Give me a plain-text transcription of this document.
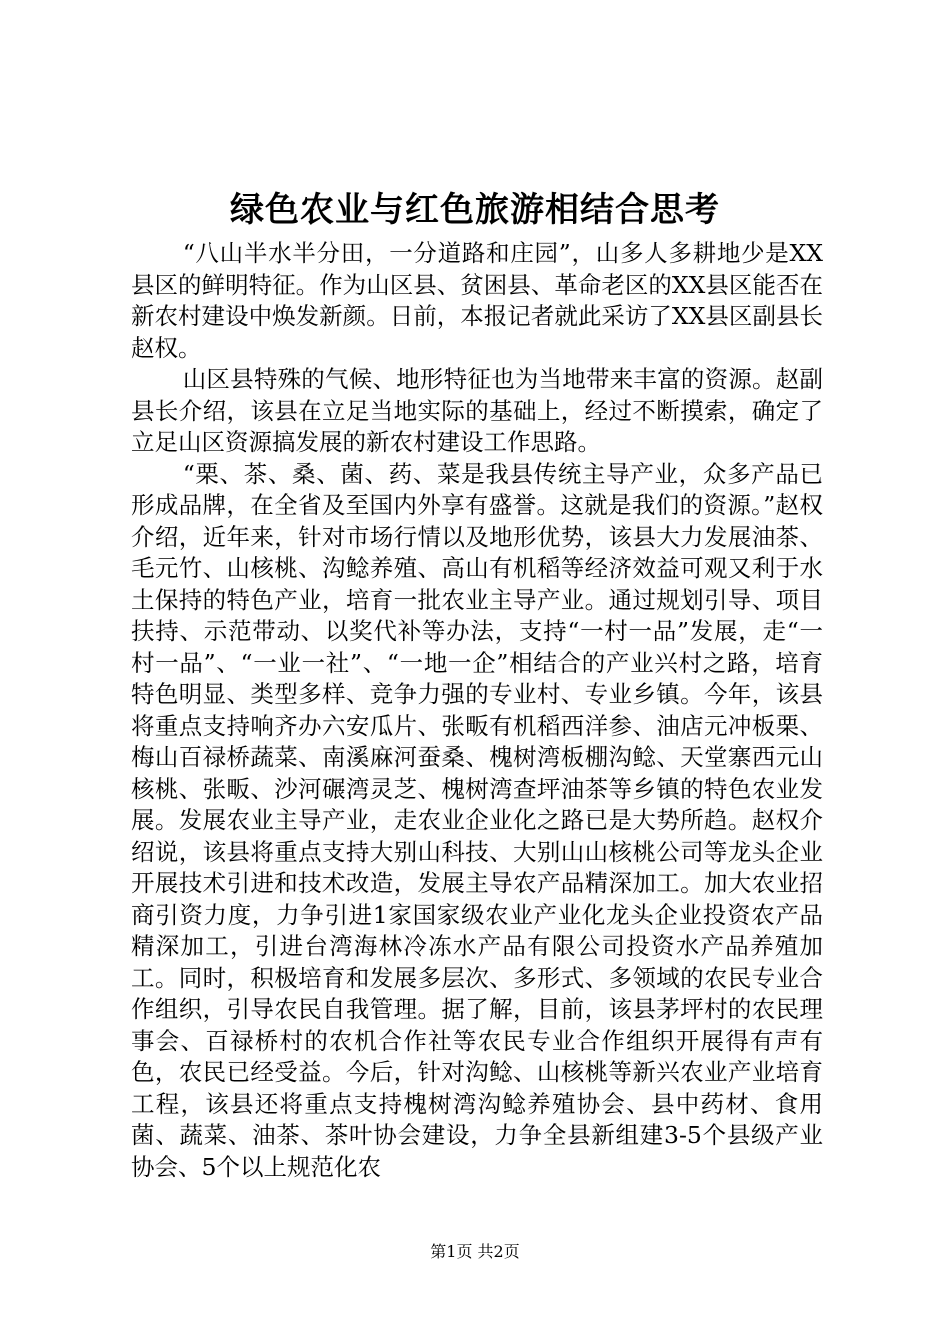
绿色农业与红色旅游相结合思考

“八山半水半分田，一分道路和庄园”，山多人多耕地少是XX县区的鲜明特征。作为山区县、贫困县、革命老区的XX县区能否在新农村建设中焕发新颜。日前，本报记者就此采访了XX县区副县长赵权。

山区县特殊的气候、地形特征也为当地带来丰富的资源。赵副县长介绍，该县在立足当地实际的基础上，经过不断摸索，确定了立足山区资源搞发展的新农村建设工作思路。

“栗、茶、桑、菌、药、菜是我县传统主导产业，众多产品已形成品牌，在全省及至国内外享有盛誉。这就是我们的资源。”赵权介绍，近年来，针对市场行情以及地形优势，该县大力发展油茶、毛元竹、山核桃、沟鲶养殖、高山有机稻等经济效益可观又利于水土保持的特色产业，培育一批农业主导产业。通过规划引导、项目扶持、示范带动、以奖代补等办法，支持“一村一品”发展，走“一村一品”、“一业一社”、“一地一企”相结合的产业兴村之路，培育特色明显、类型多样、竞争力强的专业村、专业乡镇。今年，该县将重点支持响齐办六安瓜片、张畈有机稻西洋参、油店元冲板栗、梅山百禄桥蔬菜、南溪麻河蚕桑、槐树湾板棚沟鲶、天堂寨西元山核桃、张畈、沙河碾湾灵芝、槐树湾查坪油茶等乡镇的特色农业发展。发展农业主导产业，走农业企业化之路已是大势所趋。赵权介绍说，该县将重点支持大别山科技、大别山山核桃公司等龙头企业开展技术引进和技术改造，发展主导农产品精深加工。加大农业招商引资力度，力争引进1家国家级农业产业化龙头企业投资农产品精深加工，引进台湾海林冷冻水产品有限公司投资水产品养殖加工。同时，积极培育和发展多层次、多形式、多领域的农民专业合作组织，引导农民自我管理。据了解，目前，该县茅坪村的农民理事会、百禄桥村的农机合作社等农民专业合作组织开展得有声有色，农民已经受益。今后，针对沟鲶、山核桃等新兴农业产业培育工程，该县还将重点支持槐树湾沟鲶养殖协会、县中药材、食用菌、蔬菜、油茶、茶叶协会建设，力争全县新组建3-5个县级产业协会、5个以上规范化农

第1页 共2页
